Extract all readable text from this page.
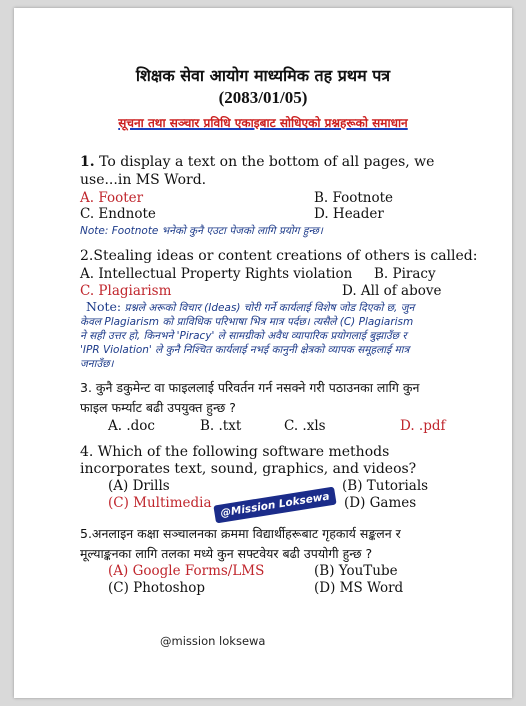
शिक्षक सेवा आयोग माध्यमिक तह प्रथम पत्र
(2083/01/05)
सूचना तथा सञ्चार प्रविधि एकाइबाट सोधिएको प्रश्नहरूको समाधान
1. To display a text on the bottom of all pages, we
use...in MS Word.
A. Footer	B. Footnote
C. Endnote	D. Header
Note: Footnote भनेको कुनै एउटा पेजको लागि प्रयोग हुन्छ।
2.Stealing ideas or content creations of others is called:
A. Intellectual Property Rights violation B. Piracy
C. Plagiarism	D. All of above
Note: प्रश्नले अरूको विचार (Ideas) चोरी गर्ने कार्यलाई विशेष जोड दिएको छ, जुन
केवल Plagiarism को प्राविधिक परिभाषा भित्र मात्र पर्दछ। त्यसैले (C) Plagiarism
ने सही उत्तर हो, किनभने 'Piracy' ले सामग्रीको अवैध व्यापारिक प्रयोगलाई बुझाउँछ र
'IPR Violation' ले कुनै निश्चित कार्यलाई नभई कानुनी क्षेत्रको व्यापक समूहलाई मात्र
जनाउँछ।
3. कुनै डकुमेन्ट वा फाइललाई परिवर्तन गर्न नसक्ने गरी पठाउनका लागि कुन
फाइल फर्म्याट बढी उपयुक्त हुन्छ ?
A. .doc	B. .txt	C. .xls	D. .pdf
4. Which of the following software methods
incorporates text, sound, graphics, and videos?
(A) Drills	(B) Tutorials
(C) Multimedia	(D) Games
@Mission Loksewa
5.अनलाइन कक्षा सञ्चालनका क्रममा विद्यार्थीहरूबाट गृहकार्य सङ्कलन र
मूल्याङ्कनका लागि तलका मध्ये कुन सफ्टवेयर बढी उपयोगी हुन्छ ?
(A) Google Forms/LMS	(B) YouTube
(C) Photoshop	(D) MS Word
@mission loksewa
